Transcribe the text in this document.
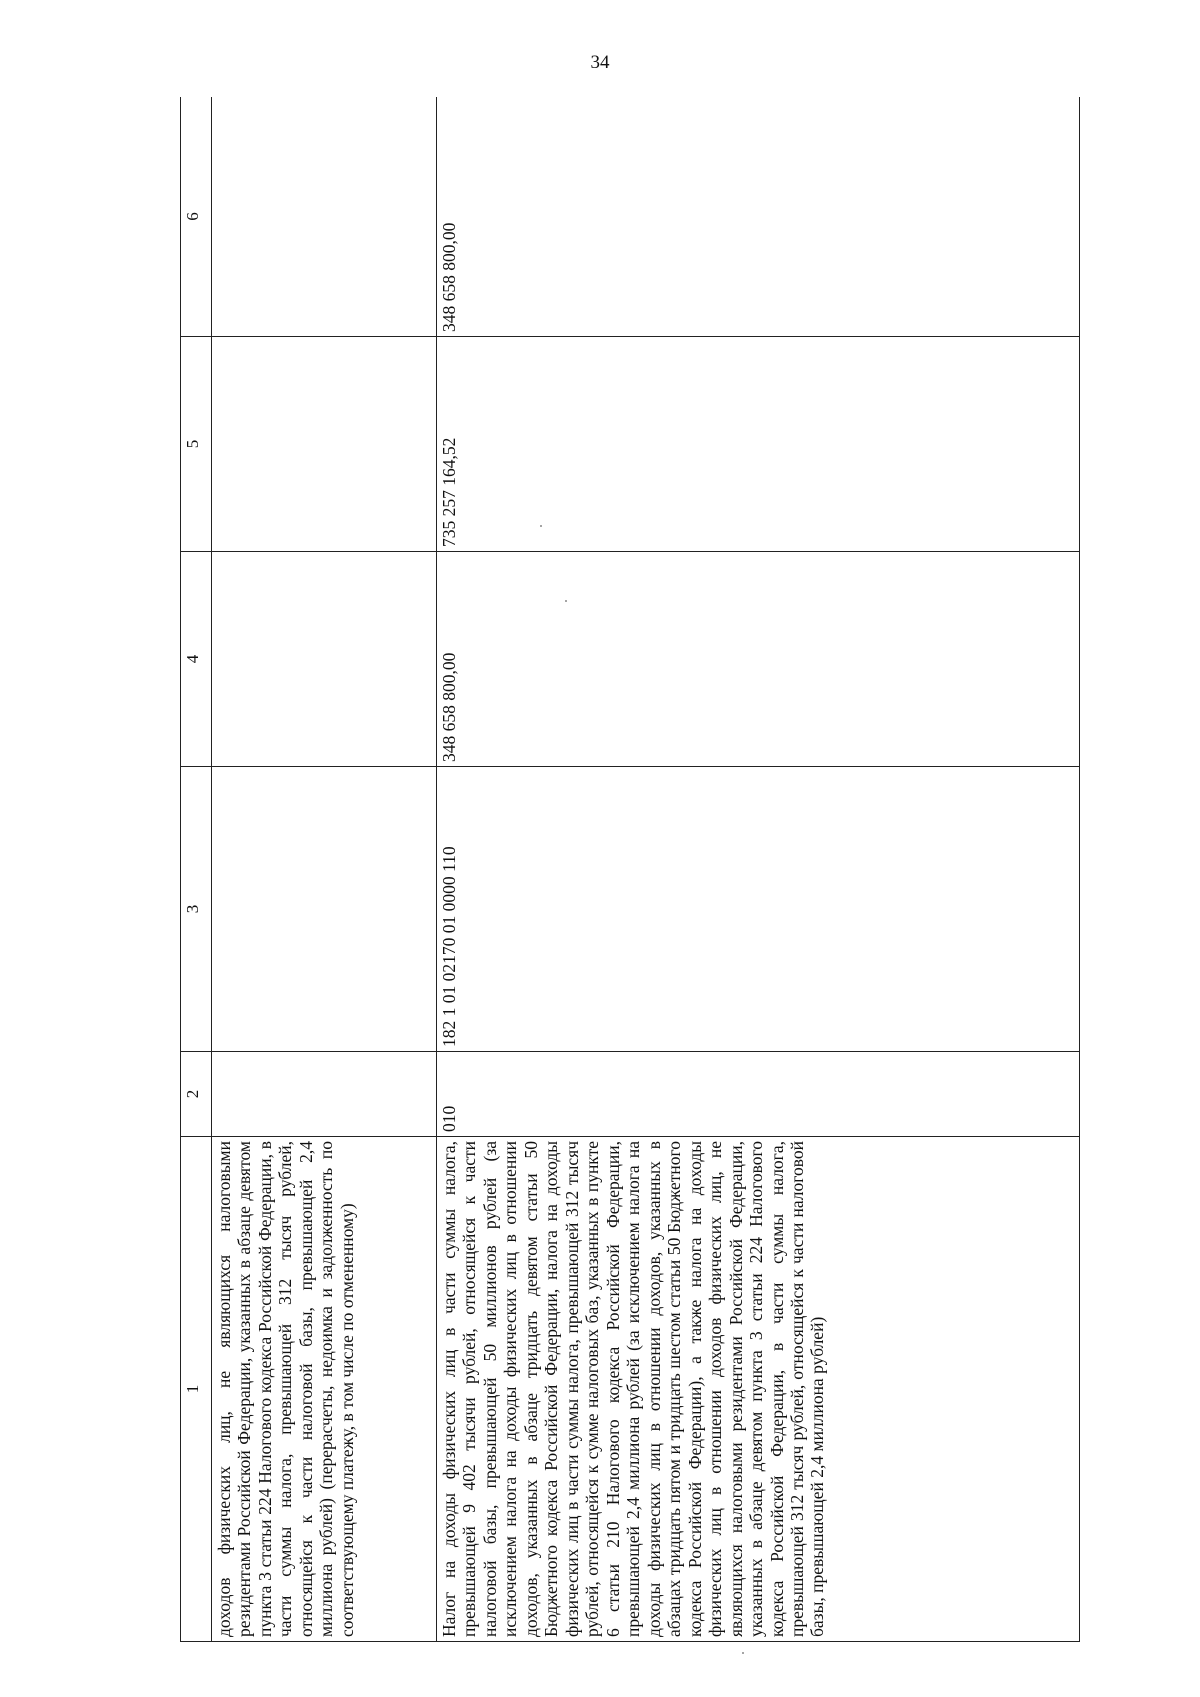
34
1	2	3	4	5	6
доходов физических лиц, не являющихся налоговыми резидентами Российской Федерации, указанных в абзаце девятом пункта 3 статьи 224 Налогового кодекса Российской Федерации, в части суммы налога, превышающей 312 тысяч рублей, относящейся к части налоговой базы, превышающей 2,4 миллиона рублей) (перерасчеты, недоимка и задолженность по соответствующему платежу, в том числе по отмененному)					
Налог на доходы физических лиц в части суммы налога, превышающей 9 402 тысячи рублей, относящейся к части налоговой базы, превышающей 50 миллионов рублей (за исключением налога на доходы физических лиц в отношении доходов, указанных в абзаце тридцать девятом статьи 50 Бюджетного кодекса Российской Федерации, налога на доходы физических лиц в части суммы налога, превышающей 312 тысяч рублей, относящейся к сумме налоговых баз, указанных в пункте 6 статьи 210 Налогового кодекса Российской Федерации, превышающей 2,4 миллиона рублей (за исключением налога на доходы физических лиц в отношении доходов, указанных в абзацах тридцать пятом и тридцать шестом статьи 50 Бюджетного кодекса Российской Федерации), а также налога на доходы физических лиц в отношении доходов физических лиц, не являющихся налоговыми резидентами Российской Федерации, указанных в абзаце девятом пункта 3 статьи 224 Налогового кодекса Российской Федерации, в части суммы налога, превышающей 312 тысяч рублей, относящейся к части налоговой базы, превышающей 2,4 миллиона рублей)	010	182 1 01 02170 01 0000 110	348 658 800,00	735 257 164,52	348 658 800,00
